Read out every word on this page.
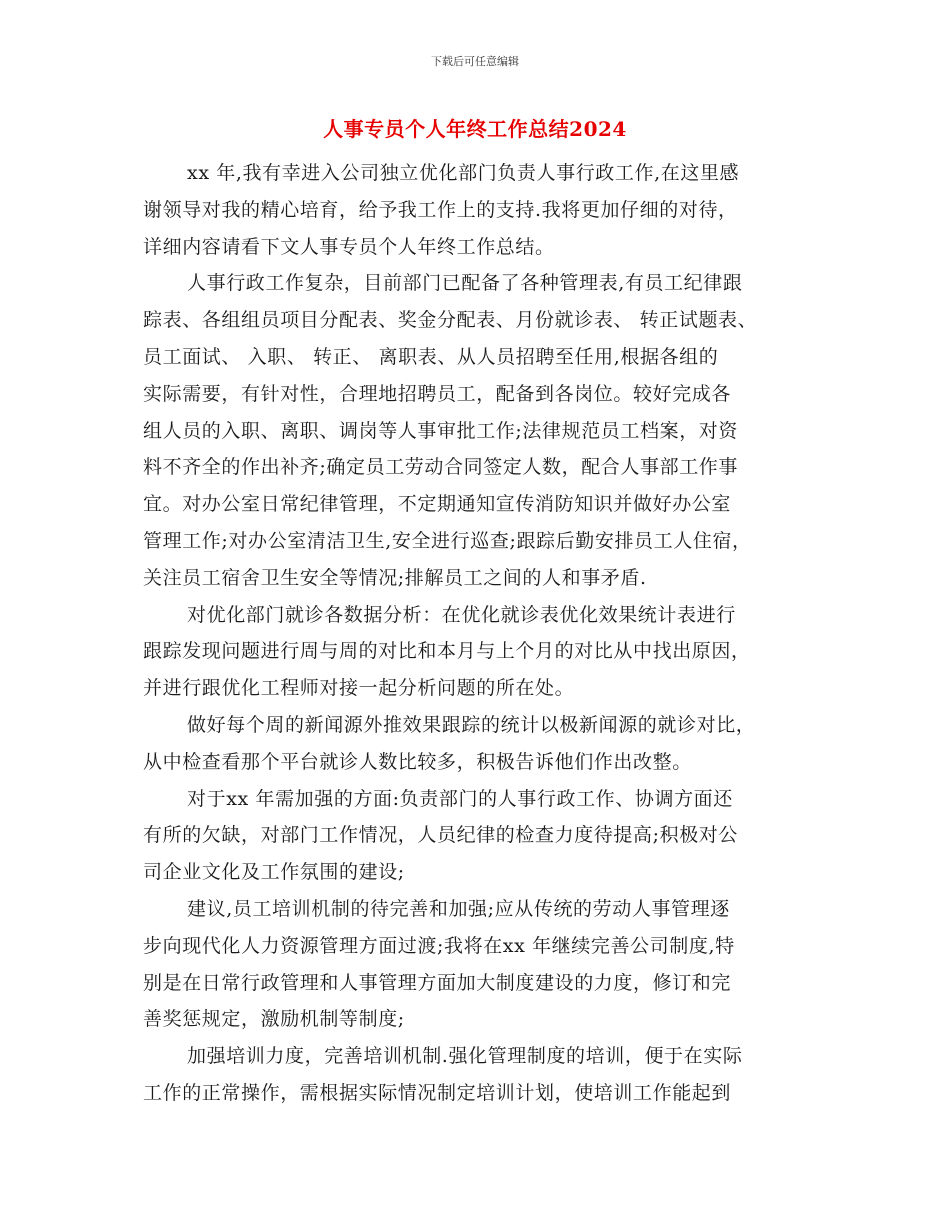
下载后可任意编辑
人事专员个人年终工作总结2024
xx 年,我有幸进入公司独立优化部门负责人事行政工作,在这里感
谢领导对我的精心培育，给予我工作上的支持.我将更加仔细的对待，
详细内容请看下文人事专员个人年终工作总结。
人事行政工作复杂，目前部门已配备了各种管理表,有员工纪律跟
踪表、各组组员项目分配表、奖金分配表、月份就诊表、 转正试题表、
员工面试、 入职、 转正、 离职表、从人员招聘至任用,根据各组的
实际需要，有针对性，合理地招聘员工，配备到各岗位。较好完成各
组人员的入职、离职、调岗等人事审批工作;法律规范员工档案，对资
料不齐全的作出补齐;确定员工劳动合同签定人数，配合人事部工作事
宜。对办公室日常纪律管理，不定期通知宣传消防知识并做好办公室
管理工作;对办公室清洁卫生,安全进行巡查;跟踪后勤安排员工人住宿，
关注员工宿舍卫生安全等情况;排解员工之间的人和事矛盾.
对优化部门就诊各数据分析：在优化就诊表优化效果统计表进行
跟踪发现问题进行周与周的对比和本月与上个月的对比从中找出原因，
并进行跟优化工程师对接一起分析问题的所在处。
做好每个周的新闻源外推效果跟踪的统计以极新闻源的就诊对比，
从中检查看那个平台就诊人数比较多，积极告诉他们作出改整。
对于xx 年需加强的方面:负责部门的人事行政工作、协调方面还
有所的欠缺，对部门工作情况，人员纪律的检查力度待提高;积极对公
司企业文化及工作氛围的建设;
建议,员工培训机制的待完善和加强;应从传统的劳动人事管理逐
步向现代化人力资源管理方面过渡;我将在xx 年继续完善公司制度,特
别是在日常行政管理和人事管理方面加大制度建设的力度，修订和完
善奖惩规定，激励机制等制度;
加强培训力度，完善培训机制.强化管理制度的培训，便于在实际
工作的正常操作，需根据实际情况制定培训计划，使培训工作能起到
